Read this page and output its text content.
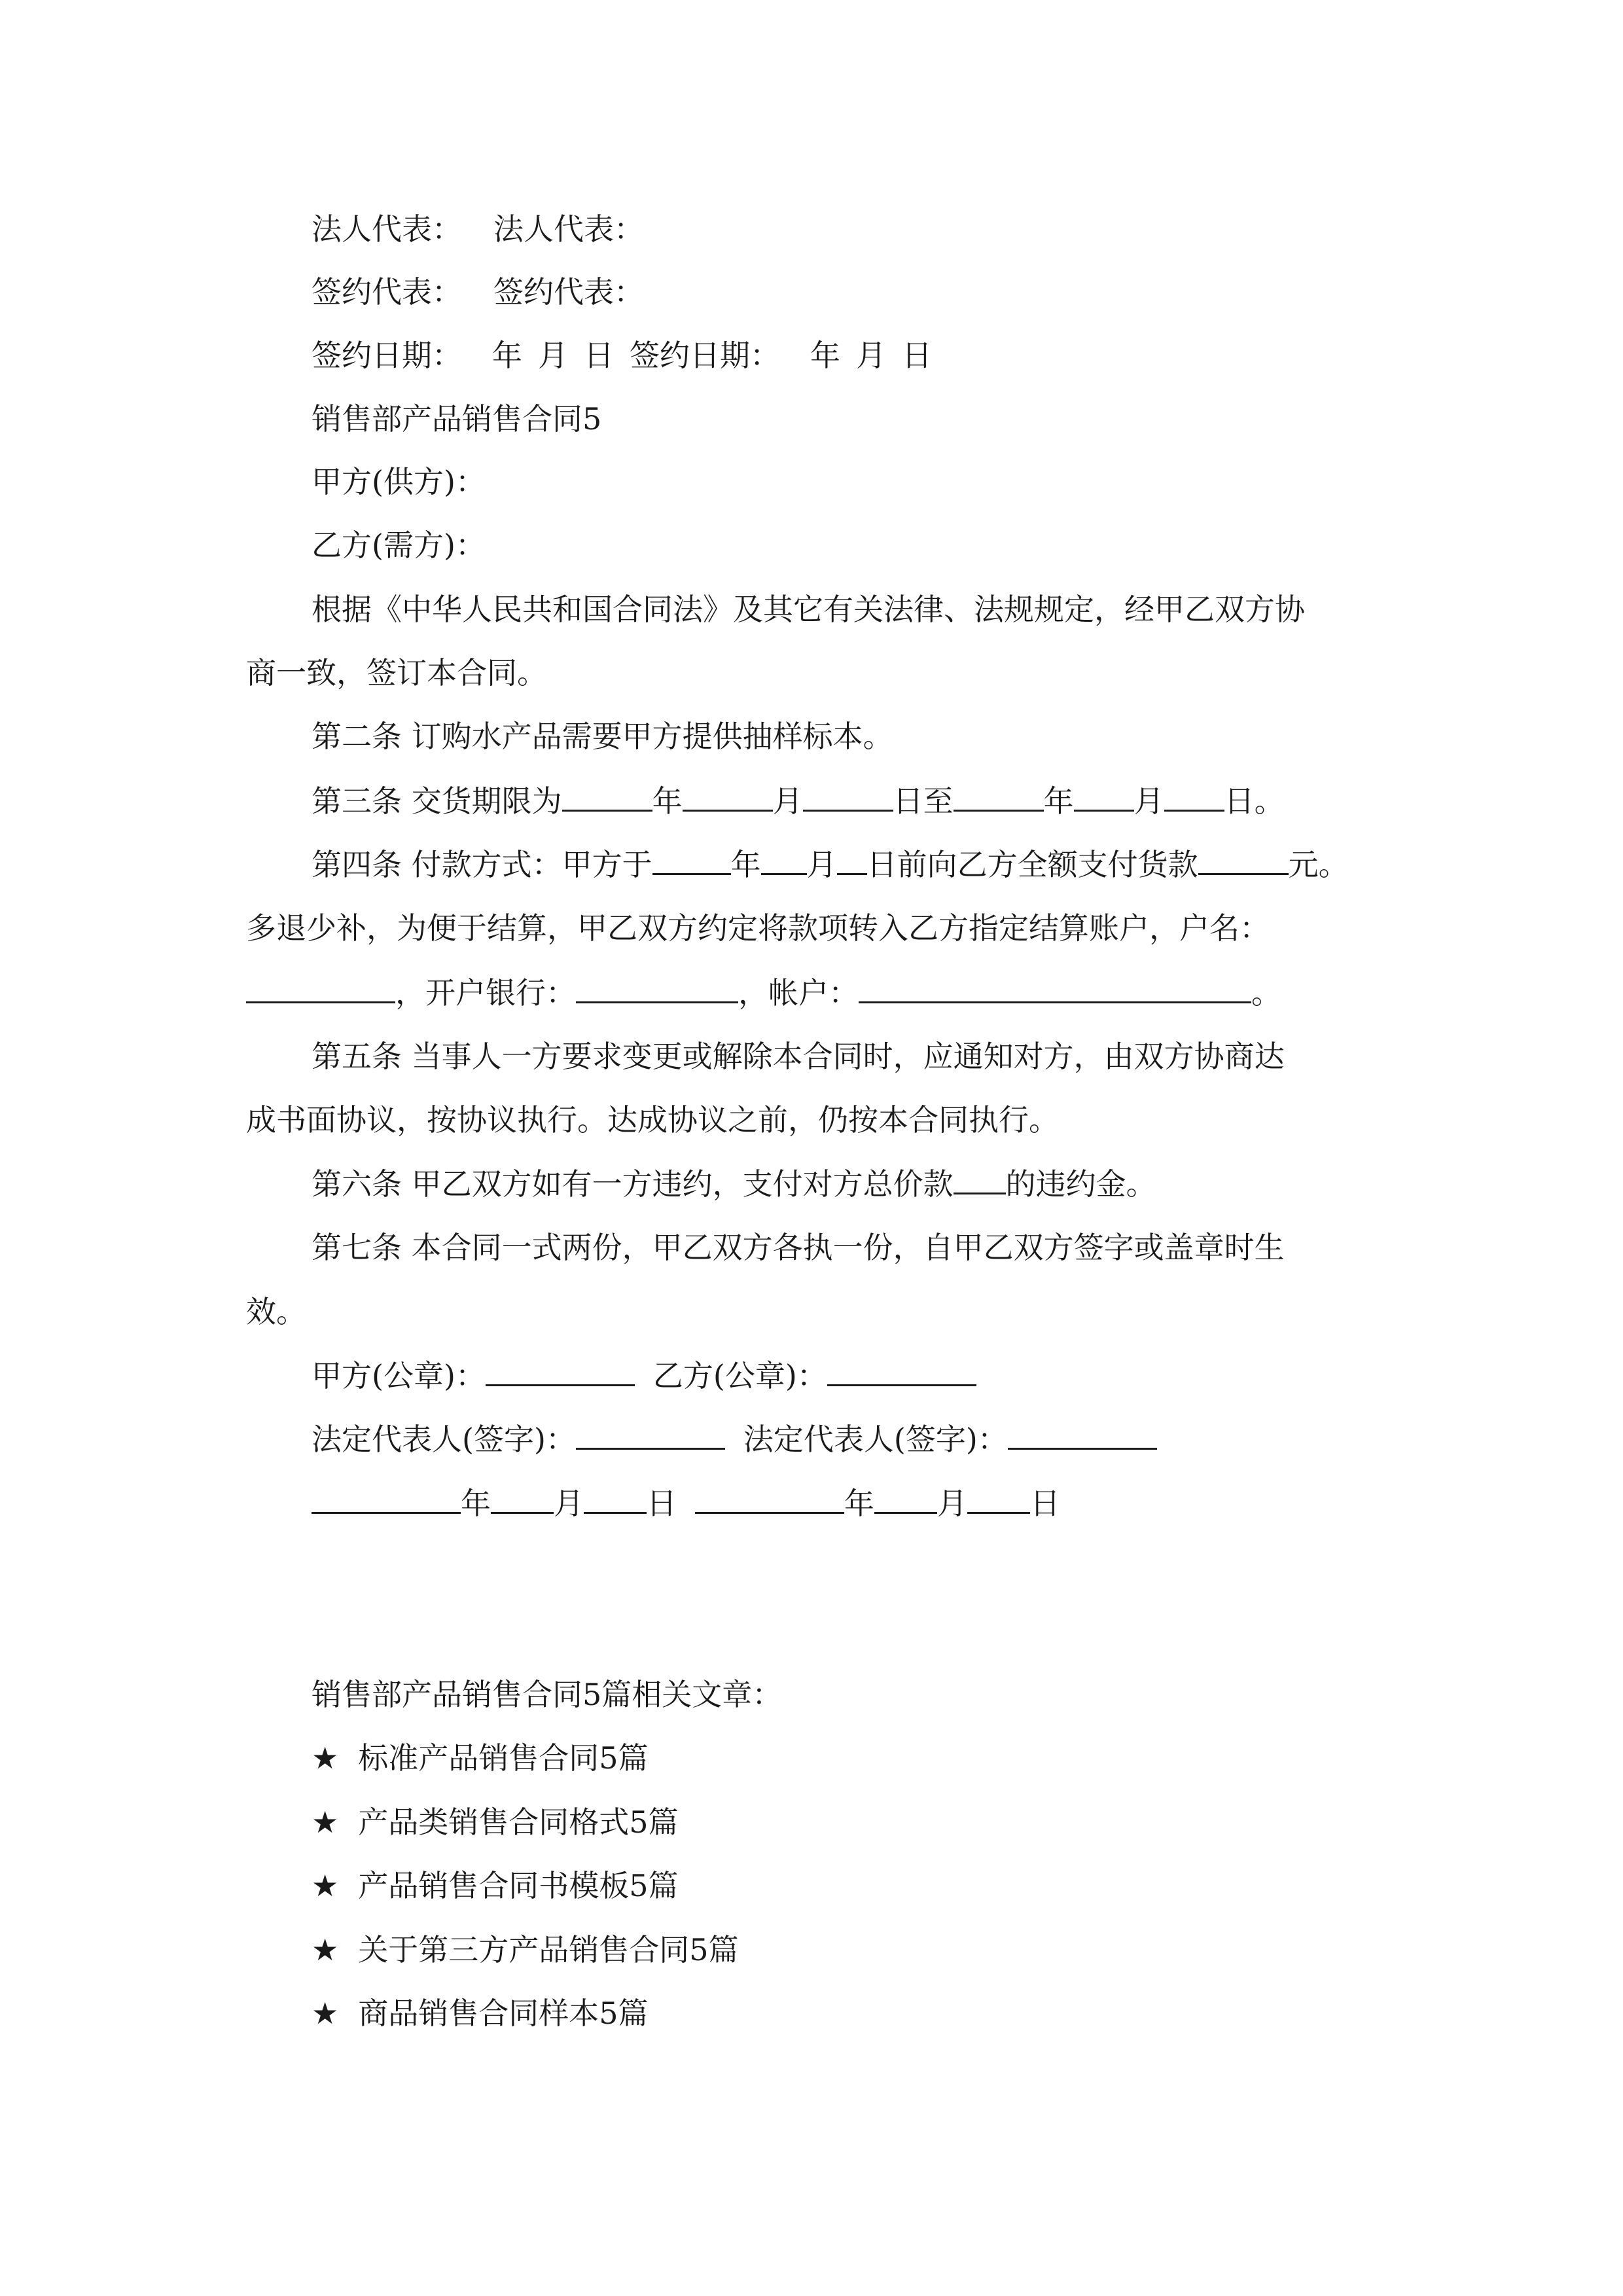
法人代表： 法人代表：
签约代表： 签约代表：
签约日期： 年 月 日 签约日期： 年 月 日
销售部产品销售合同5
甲方(供方)：
乙方(需方)：
根据《中华人民共和国合同法》及其它有关法律、法规规定，经甲乙双方协
商一致，签订本合同。
第二条 订购水产品需要甲方提供抽样标本。
第三条 交货期限为	年	月	日至	年 月 日。
第四条 付款方式：甲方于	年 月 日前向乙方全额支付货款	元。
多退少补，为便于结算，甲乙双方约定将款项转入乙方指定结算账户，户名：
，开户银行：	，帐户：	。
第五条 当事人一方要求变更或解除本合同时，应通知对方，由双方协商达
成书面协议，按协议执行。达成协议之前，仍按本合同执行。
第六条 甲乙双方如有一方违约，支付对方总价款 的违约金。
第七条 本合同一式两份，甲乙双方各执一份，自甲乙双方签字或盖章时生
效。
甲方(公章)：	乙方(公章)：
法定代表人(签字)：	法定代表人(签字)：
年 月 日	年 月 日
销售部产品销售合同5篇相关文章：
★ 标准产品销售合同5篇
★ 产品类销售合同格式5篇
★ 产品销售合同书模板5篇
★ 关于第三方产品销售合同5篇
★ 商品销售合同样本5篇
